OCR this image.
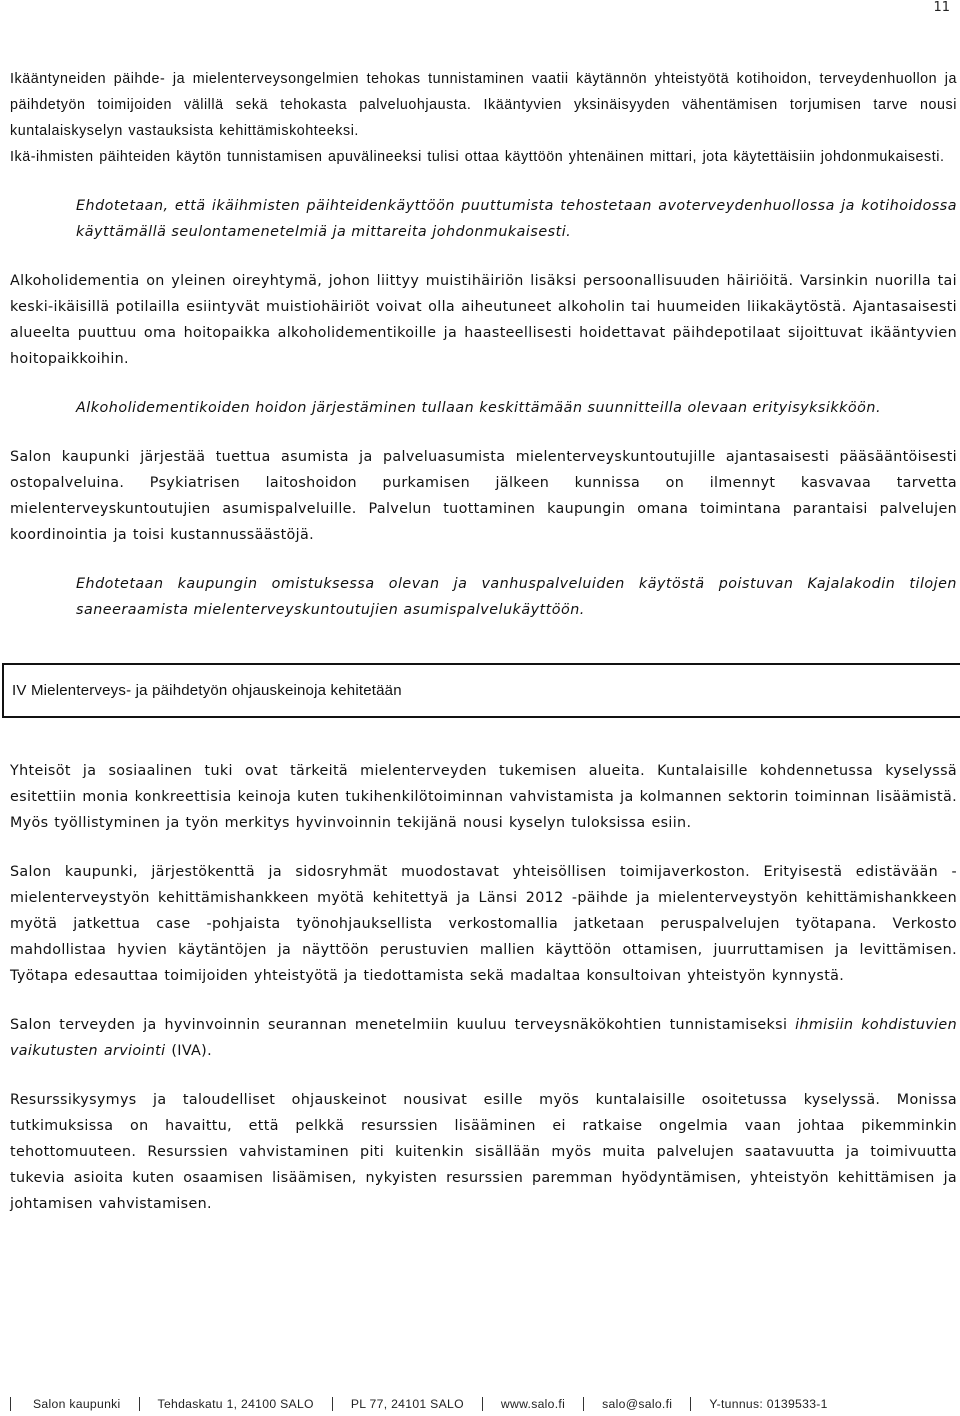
11

Ikääntyneiden päihde- ja mielenterveysongelmien tehokas tunnistaminen vaatii käytännön yhteistyötä kotihoidon, terveydenhuollon ja päihdetyön toimijoiden välillä sekä tehokasta palveluohjausta. Ikääntyvien yksinäisyyden vähentämisen torjumisen tarve nousi kuntalaiskyselyn vastauksista kehittämiskohteeksi.

Ikä-ihmisten päihteiden käytön tunnistamisen apuvälineeksi tulisi ottaa käyttöön yhtenäinen mittari, jota käytettäisiin johdonmukaisesti.

Ehdotetaan, että ikäihmisten päihteidenkäyttöön puuttumista tehostetaan avoterveydenhuollossa ja kotihoidossa käyttämällä seulontamenetelmiä ja mittareita johdonmukaisesti.

Alkoholidementia on yleinen oireyhtymä, johon liittyy muistihäiriön lisäksi persoonallisuuden häiriöitä. Varsinkin nuorilla tai keski-ikäisillä potilailla esiintyvät muistiohäiriöt voivat olla aiheutuneet alkoholin tai huumeiden liikakäytöstä. Ajantasaisesti alueelta puuttuu oma hoitopaikka alkoholidementikoille ja haasteellisesti hoidettavat päihdepotilaat sijoittuvat ikääntyvien hoitopaikkoihin.

Alkoholidementikoiden hoidon järjestäminen tullaan keskittämään suunnitteilla olevaan erityisyksikköön.

Salon kaupunki järjestää tuettua asumista ja palveluasumista mielenterveyskuntoutujille ajantasaisesti pääsääntöisesti ostopalveluina. Psykiatrisen laitoshoidon purkamisen jälkeen kunnissa on ilmennyt kasvavaa tarvetta mielenterveyskuntoutujien asumispalveluille. Palvelun tuottaminen kaupungin omana toimintana parantaisi palvelujen koordinointia ja toisi kustannussäästöjä.

Ehdotetaan kaupungin omistuksessa olevan ja vanhuspalveluiden käytöstä poistuvan Kajalakodin tilojen saneeraamista mielenterveyskuntoutujien asumispalvelukäyttöön.

IV Mielenterveys- ja päihdetyön ohjauskeinoja kehitetään

Yhteisöt ja sosiaalinen tuki ovat tärkeitä mielenterveyden tukemisen alueita. Kuntalaisille kohdennetussa kyselyssä esitettiin monia konkreettisia keinoja kuten tukihenkilötoiminnan vahvistamista ja kolmannen sektorin toiminnan lisäämistä. Myös työllistyminen ja työn merkitys hyvinvoinnin tekijänä nousi kyselyn tuloksissa esiin.

Salon kaupunki, järjestökenttä ja sidosryhmät muodostavat yhteisöllisen toimijaverkoston. Erityisestä edistävään -mielenterveystyön kehittämishankkeen myötä kehitettyä ja Länsi 2012 -päihde ja mielenterveystyön kehittämishankkeen myötä jatkettua case -pohjaista työnohjauksellista verkostomallia jatketaan peruspalvelujen työtapana. Verkosto mahdollistaa hyvien käytäntöjen ja näyttöön perustuvien mallien käyttöön ottamisen, juurruttamisen ja levittämisen. Työtapa edesauttaa toimijoiden yhteistyötä ja tiedottamista sekä madaltaa konsultoivan yhteistyön kynnystä.

Salon terveyden ja hyvinvoinnin seurannan menetelmiin kuuluu terveysnäkökohtien tunnistamiseksi ihmisiin kohdistuvien vaikutusten arviointi (IVA).

Resurssikysymys ja taloudelliset ohjauskeinot nousivat esille myös kuntalaisille osoitetussa kyselyssä. Monissa tutkimuksissa on havaittu, että pelkkä resurssien lisääminen ei ratkaise ongelmia vaan johtaa pikemminkin tehottomuuteen. Resurssien vahvistaminen piti kuitenkin sisällään myös muita palvelujen saatavuutta ja toimivuutta tukevia asioita kuten osaamisen lisäämisen, nykyisten resurssien paremman hyödyntämisen, yhteistyön kehittämisen ja johtamisen vahvistamisen.

Salon kaupunki	Tehdaskatu 1, 24100 SALO	PL 77, 24101 SALO	www.salo.fi	salo@salo.fi	Y-tunnus: 0139533-1
